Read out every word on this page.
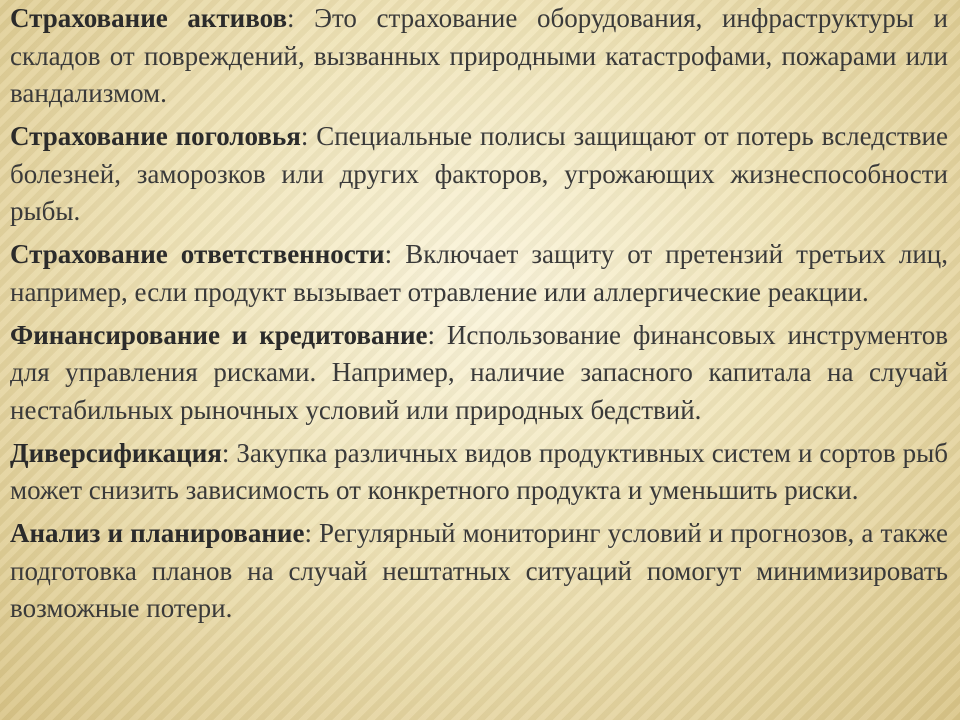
Страхование активов: Это страхование оборудования, инфраструктуры и складов от повреждений, вызванных природными катастрофами, пожарами или вандализмом.

Страхование поголовья: Специальные полисы защищают от потерь вследствие болезней, заморозков или других факторов, угрожающих жизнеспособности рыбы.

Страхование ответственности: Включает защиту от претензий третьих лиц, например, если продукт вызывает отравление или аллергические реакции.

Финансирование и кредитование: Использование финансовых инструментов для управления рисками. Например, наличие запасного капитала на случай нестабильных рыночных условий или природных бедствий.

Диверсификация: Закупка различных видов продуктивных систем и сортов рыб может снизить зависимость от конкретного продукта и уменьшить риски.

Анализ и планирование: Регулярный мониторинг условий и прогнозов, а также подготовка планов на случай нештатных ситуаций помогут минимизировать возможные потери.
